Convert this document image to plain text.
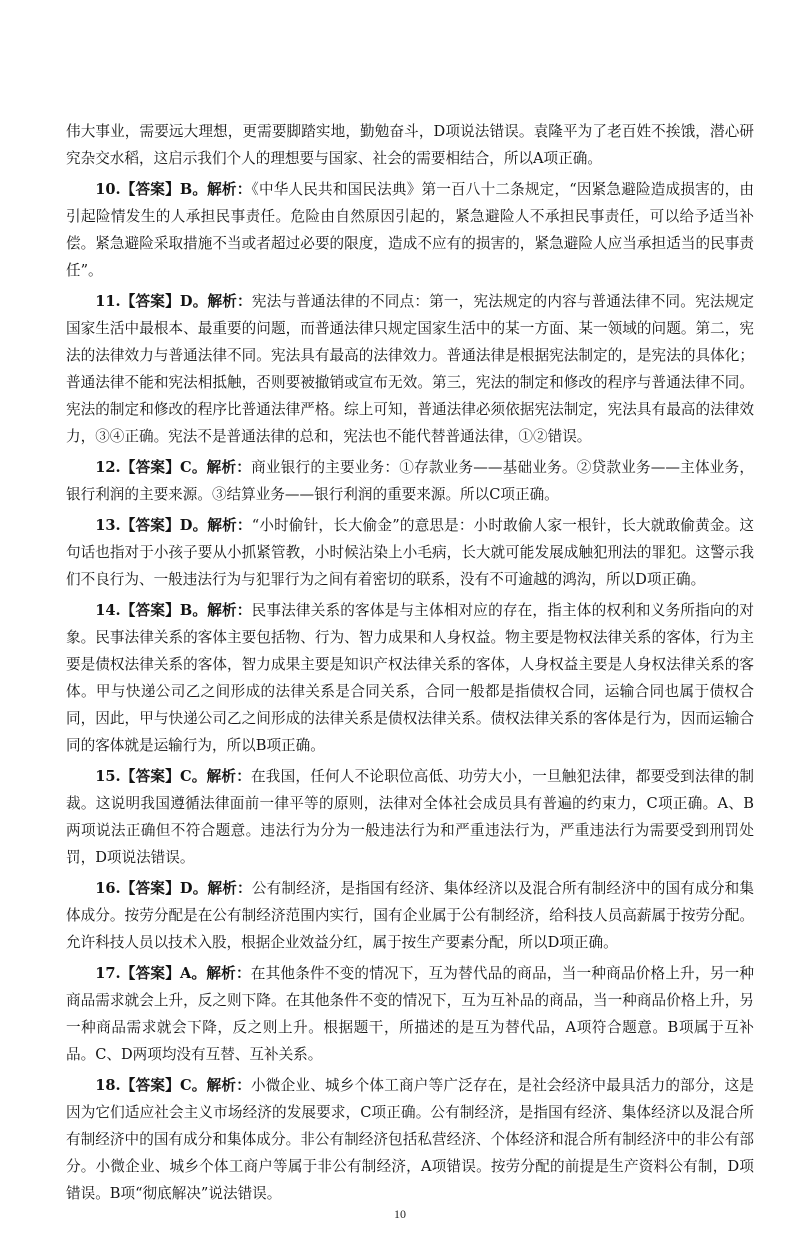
伟大事业，需要远大理想，更需要脚踏实地，勤勉奋斗，D项说法错误。袁隆平为了老百姓不挨饿，潜心研究杂交水稻，这启示我们个人的理想要与国家、社会的需要相结合，所以A项正确。

10.【答案】B。解析：《中华人民共和国民法典》第一百八十二条规定，“因紧急避险造成损害的，由引起险情发生的人承担民事责任。危险由自然原因引起的，紧急避险人不承担民事责任，可以给予适当补偿。紧急避险采取措施不当或者超过必要的限度，造成不应有的损害的，紧急避险人应当承担适当的民事责任”。

11.【答案】D。解析：宪法与普通法律的不同点：第一，宪法规定的内容与普通法律不同。宪法规定国家生活中最根本、最重要的问题，而普通法律只规定国家生活中的某一方面、某一领域的问题。第二，宪法的法律效力与普通法律不同。宪法具有最高的法律效力。普通法律是根据宪法制定的，是宪法的具体化；普通法律不能和宪法相抵触，否则要被撤销或宣布无效。第三，宪法的制定和修改的程序与普通法律不同。宪法的制定和修改的程序比普通法律严格。综上可知，普通法律必须依据宪法制定，宪法具有最高的法律效力，③④正确。宪法不是普通法律的总和，宪法也不能代替普通法律，①②错误。

12.【答案】C。解析：商业银行的主要业务：①存款业务——基础业务。②贷款业务——主体业务，银行利润的主要来源。③结算业务——银行利润的重要来源。所以C项正确。

13.【答案】D。解析：“小时偷针，长大偷金”的意思是：小时敢偷人家一根针，长大就敢偷黄金。这句话也指对于小孩子要从小抓紧管教，小时候沾染上小毛病，长大就可能发展成触犯刑法的罪犯。这警示我们不良行为、一般违法行为与犯罪行为之间有着密切的联系，没有不可逾越的鸿沟，所以D项正确。

14.【答案】B。解析：民事法律关系的客体是与主体相对应的存在，指主体的权利和义务所指向的对象。民事法律关系的客体主要包括物、行为、智力成果和人身权益。物主要是物权法律关系的客体，行为主要是债权法律关系的客体，智力成果主要是知识产权法律关系的客体，人身权益主要是人身权法律关系的客体。甲与快递公司乙之间形成的法律关系是合同关系，合同一般都是指债权合同，运输合同也属于债权合同，因此，甲与快递公司乙之间形成的法律关系是债权法律关系。债权法律关系的客体是行为，因而运输合同的客体就是运输行为，所以B项正确。

15.【答案】C。解析：在我国，任何人不论职位高低、功劳大小，一旦触犯法律，都要受到法律的制裁。这说明我国遵循法律面前一律平等的原则，法律对全体社会成员具有普遍的约束力，C项正确。A、B两项说法正确但不符合题意。违法行为分为一般违法行为和严重违法行为，严重违法行为需要受到刑罚处罚，D项说法错误。

16.【答案】D。解析：公有制经济，是指国有经济、集体经济以及混合所有制经济中的国有成分和集体成分。按劳分配是在公有制经济范围内实行，国有企业属于公有制经济，给科技人员高薪属于按劳分配。允许科技人员以技术入股，根据企业效益分红，属于按生产要素分配，所以D项正确。

17.【答案】A。解析：在其他条件不变的情况下，互为替代品的商品，当一种商品价格上升，另一种商品需求就会上升，反之则下降。在其他条件不变的情况下，互为互补品的商品，当一种商品价格上升，另一种商品需求就会下降，反之则上升。根据题干，所描述的是互为替代品，A项符合题意。B项属于互补品。C、D两项均没有互替、互补关系。

18.【答案】C。解析：小微企业、城乡个体工商户等广泛存在，是社会经济中最具活力的部分，这是因为它们适应社会主义市场经济的发展要求，C项正确。公有制经济，是指国有经济、集体经济以及混合所有制经济中的国有成分和集体成分。非公有制经济包括私营经济、个体经济和混合所有制经济中的非公有部分。小微企业、城乡个体工商户等属于非公有制经济，A项错误。按劳分配的前提是生产资料公有制，D项错误。B项“彻底解决”说法错误。

10
